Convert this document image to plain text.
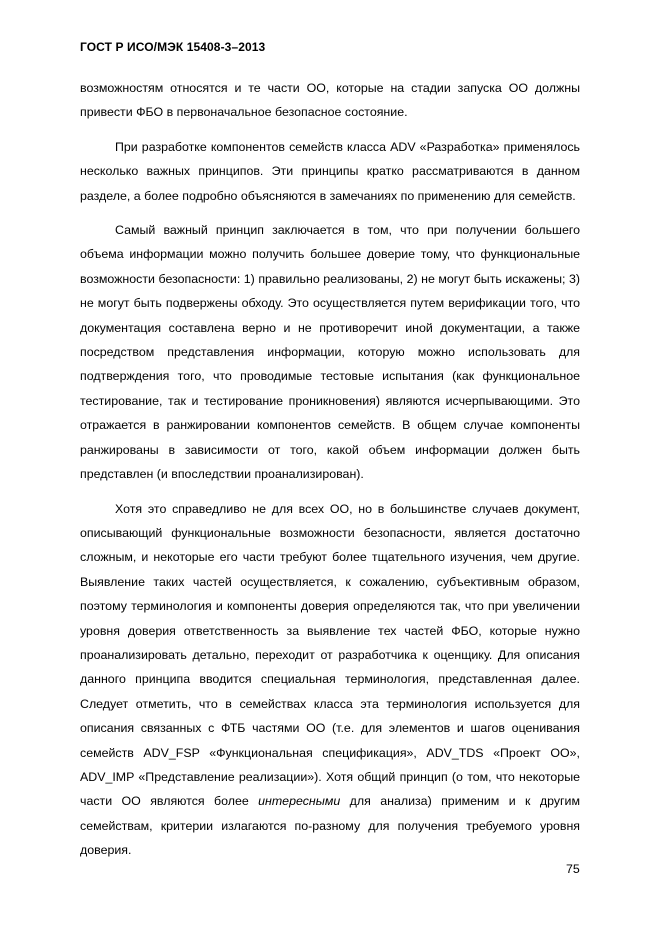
ГОСТ Р ИСО/МЭК 15408-3–2013

возможностям относятся и те части ОО, которые на стадии запуска ОО должны привести ФБО в первоначальное безопасное состояние.

При разработке компонентов семейств класса ADV «Разработка» применялось несколько важных принципов. Эти принципы кратко рассматриваются в данном разделе, а более подробно объясняются в замечаниях по применению для семейств.

Самый важный принцип заключается в том, что при получении большего объема информации можно получить большее доверие тому, что функциональные возможности безопасности: 1) правильно реализованы, 2) не могут быть искажены; 3) не могут быть подвержены обходу. Это осуществляется путем верификации того, что документация составлена верно и не противоречит иной документации, а также посредством представления информации, которую можно использовать для подтверждения того, что проводимые тестовые испытания (как функциональное тестирование, так и тестирование проникновения) являются исчерпывающими. Это отражается в ранжировании компонентов семейств. В общем случае компоненты ранжированы в зависимости от того, какой объем информации должен быть представлен (и впоследствии проанализирован).

Хотя это справедливо не для всех ОО, но в большинстве случаев документ, описывающий функциональные возможности безопасности, является достаточно сложным, и некоторые его части требуют более тщательного изучения, чем другие. Выявление таких частей осуществляется, к сожалению, субъективным образом, поэтому терминология и компоненты доверия определяются так, что при увеличении уровня доверия ответственность за выявление тех частей ФБО, которые нужно проанализировать детально, переходит от разработчика к оценщику. Для описания данного принципа вводится специальная терминология, представленная далее. Следует отметить, что в семействах класса эта терминология используется для описания связанных с ФТБ частями ОО (т.е. для элементов и шагов оценивания семейств ADV_FSP «Функциональная спецификация», ADV_TDS «Проект ОО», ADV_IMP «Представление реализации»). Хотя общий принцип (о том, что некоторые части ОО являются более интересными для анализа) применим и к другим семействам, критерии излагаются по-разному для получения требуемого уровня доверия.

75
